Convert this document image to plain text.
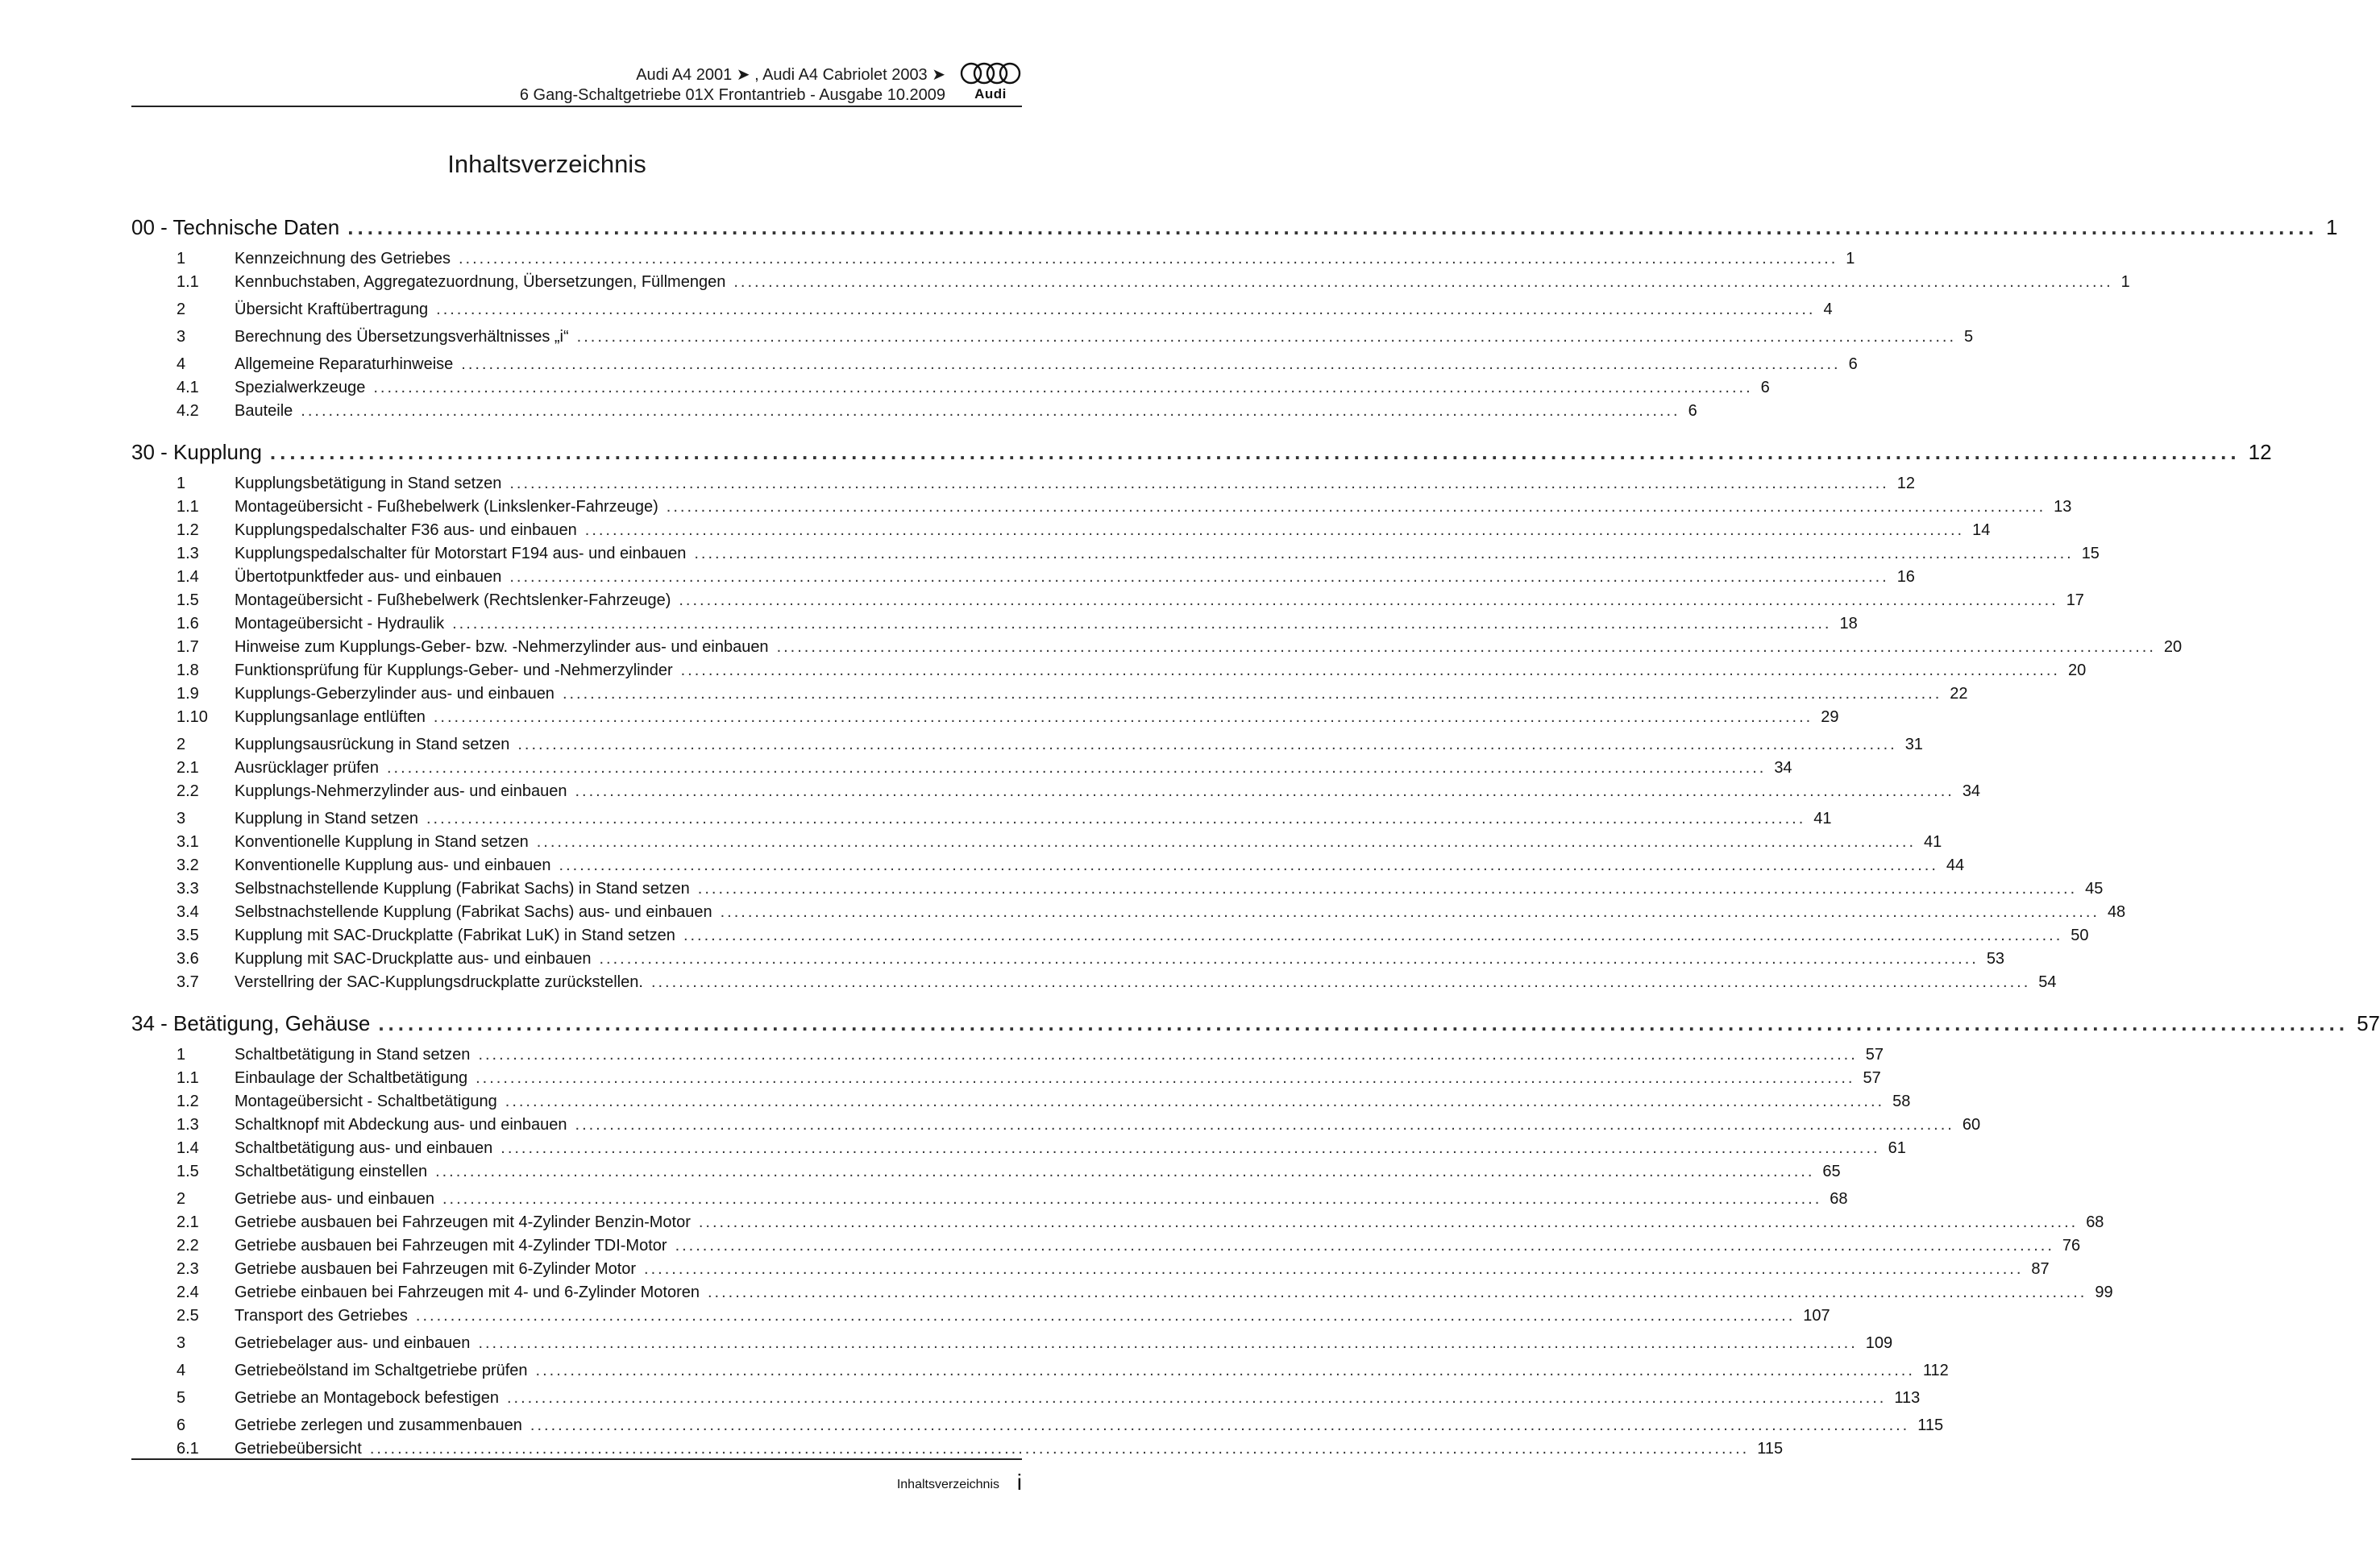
Audi A4 2001 ➤ , Audi A4 Cabriolet 2003 ➤
6 Gang-Schaltgetriebe 01X Frontantrieb - Ausgabe 10.2009	Audi
Inhaltsverzeichnis
00 - Technische Daten ........................................................................................................................................................................................................ 1
1	Kennzeichnung des Getriebes ........................................................................................................................................................................................................ 1
1.1	Kennbuchstaben, Aggregatezuordnung, Übersetzungen, Füllmengen ........................................................................................................................................................................................................ 1
2	Übersicht Kraftübertragung ........................................................................................................................................................................................................ 4
3	Berechnung des Übersetzungsverhältnisses „i“ ........................................................................................................................................................................................................ 5
4	Allgemeine Reparaturhinweise ........................................................................................................................................................................................................ 6
4.1	Spezialwerkzeuge ........................................................................................................................................................................................................ 6
4.2	Bauteile ........................................................................................................................................................................................................ 6
30 - Kupplung ........................................................................................................................................................................................................ 12
1	Kupplungsbetätigung in Stand setzen ........................................................................................................................................................................................................ 12
1.1	Montageübersicht - Fußhebelwerk (Linkslenker-Fahrzeuge) ........................................................................................................................................................................................................ 13
1.2	Kupplungspedalschalter F36 aus- und einbauen ........................................................................................................................................................................................................ 14
1.3	Kupplungspedalschalter für Motorstart F194 aus- und einbauen ........................................................................................................................................................................................................ 15
1.4	Übertotpunktfeder aus- und einbauen ........................................................................................................................................................................................................ 16
1.5	Montageübersicht - Fußhebelwerk (Rechtslenker-Fahrzeuge) ........................................................................................................................................................................................................ 17
1.6	Montageübersicht - Hydraulik ........................................................................................................................................................................................................ 18
1.7	Hinweise zum Kupplungs-Geber- bzw. -Nehmerzylinder aus- und einbauen ........................................................................................................................................................................................................ 20
1.8	Funktionsprüfung für Kupplungs-Geber- und -Nehmerzylinder ........................................................................................................................................................................................................ 20
1.9	Kupplungs-Geberzylinder aus- und einbauen ........................................................................................................................................................................................................ 22
1.10	Kupplungsanlage entlüften ........................................................................................................................................................................................................ 29
2	Kupplungsausrückung in Stand setzen ........................................................................................................................................................................................................ 31
2.1	Ausrücklager prüfen ........................................................................................................................................................................................................ 34
2.2	Kupplungs-Nehmerzylinder aus- und einbauen ........................................................................................................................................................................................................ 34
3	Kupplung in Stand setzen ........................................................................................................................................................................................................ 41
3.1	Konventionelle Kupplung in Stand setzen ........................................................................................................................................................................................................ 41
3.2	Konventionelle Kupplung aus- und einbauen ........................................................................................................................................................................................................ 44
3.3	Selbstnachstellende Kupplung (Fabrikat Sachs) in Stand setzen ........................................................................................................................................................................................................ 45
3.4	Selbstnachstellende Kupplung (Fabrikat Sachs) aus- und einbauen ........................................................................................................................................................................................................ 48
3.5	Kupplung mit SAC-Druckplatte (Fabrikat LuK) in Stand setzen ........................................................................................................................................................................................................ 50
3.6	Kupplung mit SAC-Druckplatte aus- und einbauen ........................................................................................................................................................................................................ 53
3.7	Verstellring der SAC-Kupplungsdruckplatte zurückstellen. ........................................................................................................................................................................................................ 54
34 - Betätigung, Gehäuse ........................................................................................................................................................................................................ 57
1	Schaltbetätigung in Stand setzen ........................................................................................................................................................................................................ 57
1.1	Einbaulage der Schaltbetätigung ........................................................................................................................................................................................................ 57
1.2	Montageübersicht - Schaltbetätigung ........................................................................................................................................................................................................ 58
1.3	Schaltknopf mit Abdeckung aus- und einbauen ........................................................................................................................................................................................................ 60
1.4	Schaltbetätigung aus- und einbauen ........................................................................................................................................................................................................ 61
1.5	Schaltbetätigung einstellen ........................................................................................................................................................................................................ 65
2	Getriebe aus- und einbauen ........................................................................................................................................................................................................ 68
2.1	Getriebe ausbauen bei Fahrzeugen mit 4-Zylinder Benzin-Motor ........................................................................................................................................................................................................ 68
2.2	Getriebe ausbauen bei Fahrzeugen mit 4-Zylinder TDI-Motor ........................................................................................................................................................................................................ 76
2.3	Getriebe ausbauen bei Fahrzeugen mit 6-Zylinder Motor ........................................................................................................................................................................................................ 87
2.4	Getriebe einbauen bei Fahrzeugen mit 4- und 6-Zylinder Motoren ........................................................................................................................................................................................................ 99
2.5	Transport des Getriebes ........................................................................................................................................................................................................ 107
3	Getriebelager aus- und einbauen ........................................................................................................................................................................................................ 109
4	Getriebeölstand im Schaltgetriebe prüfen ........................................................................................................................................................................................................ 112
5	Getriebe an Montagebock befestigen ........................................................................................................................................................................................................ 113
6	Getriebe zerlegen und zusammenbauen ........................................................................................................................................................................................................ 115
6.1	Getriebeübersicht ........................................................................................................................................................................................................ 115
Inhaltsverzeichnis i
